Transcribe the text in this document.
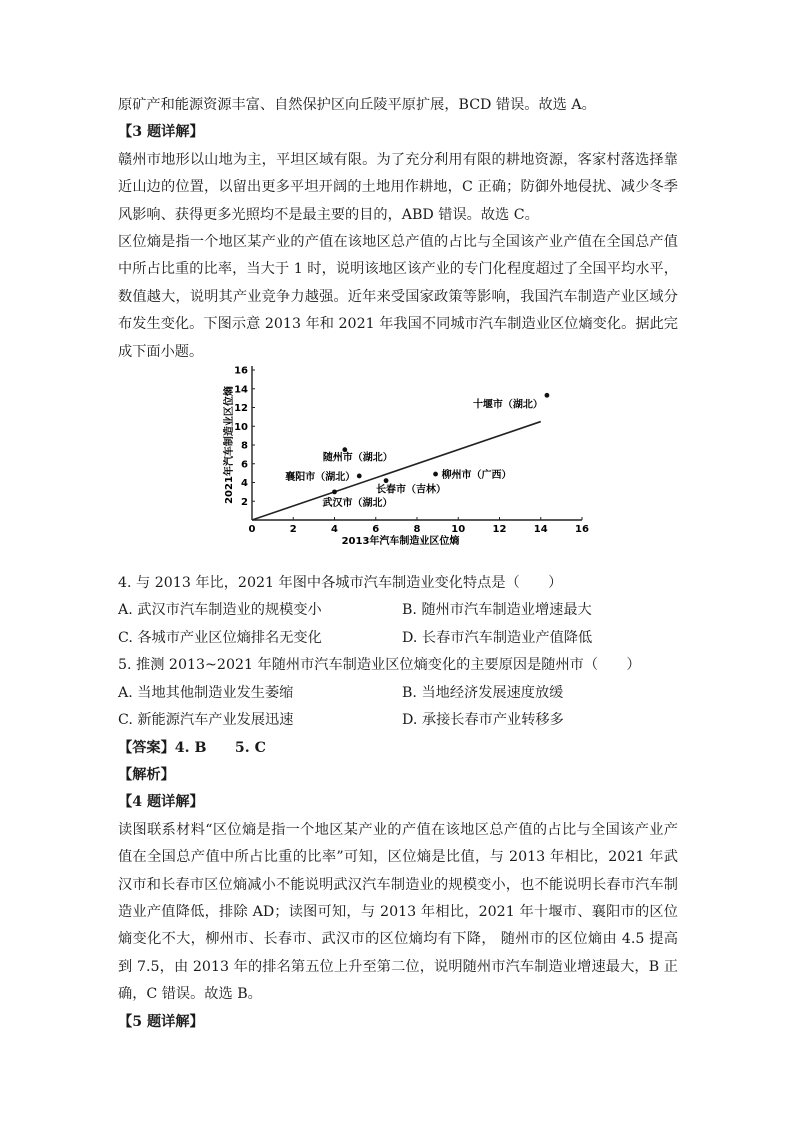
原矿产和能源资源丰富、自然保护区向丘陵平原扩展，BCD 错误。故选 A。

【3 题详解】

赣州市地形以山地为主，平坦区域有限。为了充分利用有限的耕地资源，客家村落选择靠近山边的位置，以留出更多平坦开阔的土地用作耕地，C 正确；防御外地侵扰、减少冬季风影响、获得更多光照均不是最主要的目的，ABD 错误。故选 C。

区位熵是指一个地区某产业的产值在该地区总产值的占比与全国该产业产值在全国总产值中所占比重的比率，当大于 1 时，说明该地区该产业的专门化程度超过了全国平均水平，数值越大，说明其产业竞争力越强。近年来受国家政策等影响，我国汽车制造产业区域分布发生变化。下图示意 2013 年和 2021 年我国不同城市汽车制造业区位熵变化。据此完成下面小题。

0	2	4	6	8	10	12	14	16
2
4
6
8
10
12
14
16
2013年汽车制造业区位熵
2021年汽车制造业区位熵	十堰市（湖北）
随州市（湖北）
襄阳市（湖北）	柳州市（广西）
长春市（吉林）
武汉市（湖北）

4. 与 2013 年比，2021 年图中各城市汽车制造业变化特点是（　　）

A. 武汉市汽车制造业的规模变小	B. 随州市汽车制造业增速最大
C. 各城市产业区位熵排名无变化	D. 长春市汽车制造业产值降低

5. 推测 2013~2021 年随州市汽车制造业区位熵变化的主要原因是随州市（　　）

A. 当地其他制造业发生萎缩	B. 当地经济发展速度放缓
C. 新能源汽车产业发展迅速	D. 承接长春市产业转移多

【答案】4. B　　5. C

【解析】

【4 题详解】

读图联系材料“区位熵是指一个地区某产业的产值在该地区总产值的占比与全国该产业产值在全国总产值中所占比重的比率”可知，区位熵是比值，与 2013 年相比，2021 年武汉市和长春市区位熵减小不能说明武汉汽车制造业的规模变小，也不能说明长春市汽车制造业产值降低，排除 AD；读图可知，与 2013 年相比，2021 年十堰市、襄阳市的区位熵变化不大，柳州市、长春市、武汉市的区位熵均有下降， 随州市的区位熵由 4.5 提高到 7.5，由 2013 年的排名第五位上升至第二位，说明随州市汽车制造业增速最大，B 正确，C 错误。故选 B。

【5 题详解】
